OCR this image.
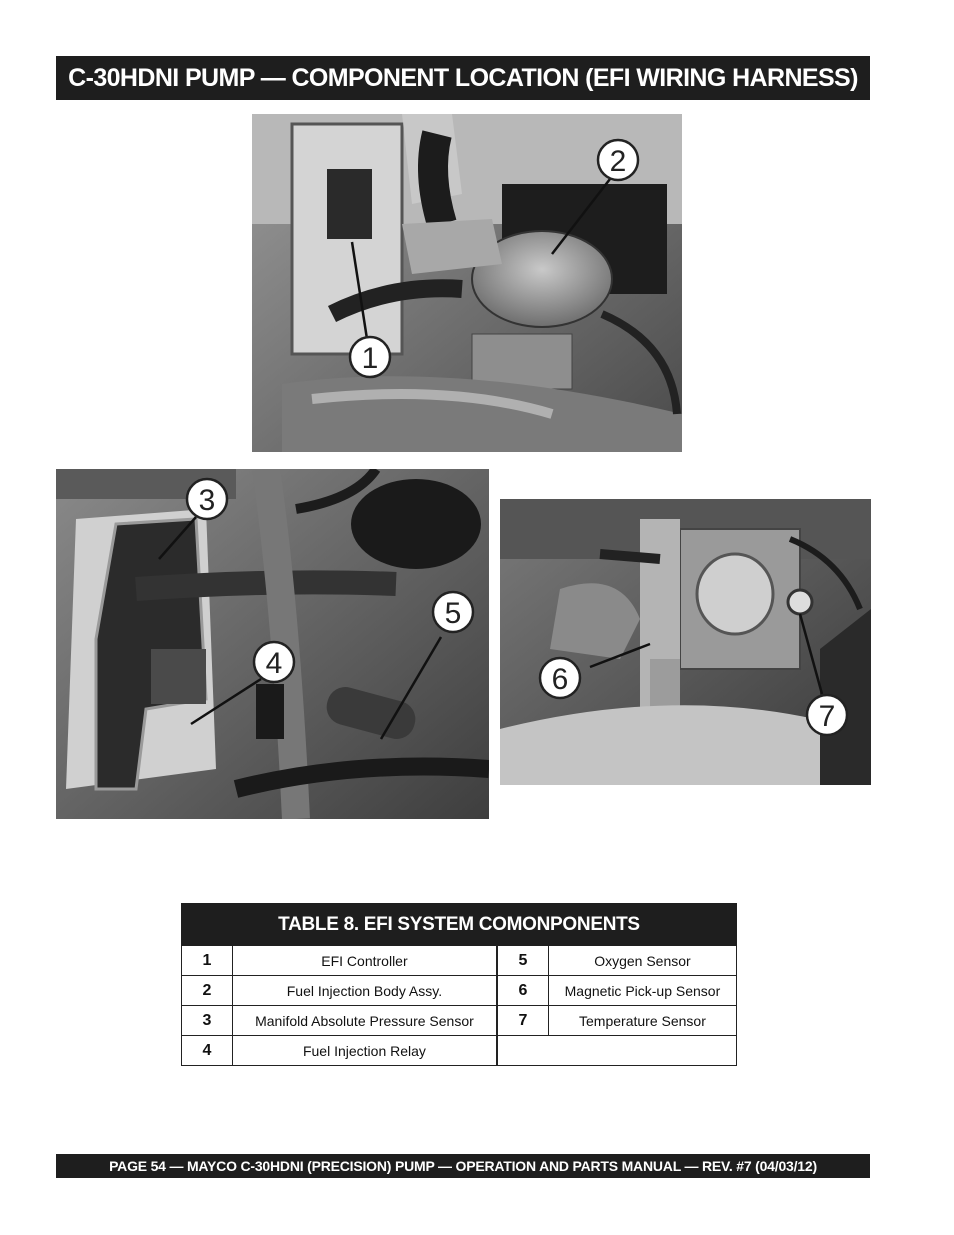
C-30HDNI PUMP — COMPONENT LOCATION (EFI WIRING HARNESS)
1
2
3
4
5
6
7
TABLE 8. EFI SYSTEM COMONPONENTS			
1	EFI Controller	5	Oxygen Sensor
2	Fuel Injection Body Assy.	6	Magnetic Pick-up Sensor
3	Manifold Absolute Pressure Sensor	7	Temperature Sensor
4	Fuel Injection Relay		
PAGE 54 — MAYCO C-30HDNI (PRECISION) PUMP — OPERATION AND PARTS MANUAL — REV. #7 (04/03/12)
